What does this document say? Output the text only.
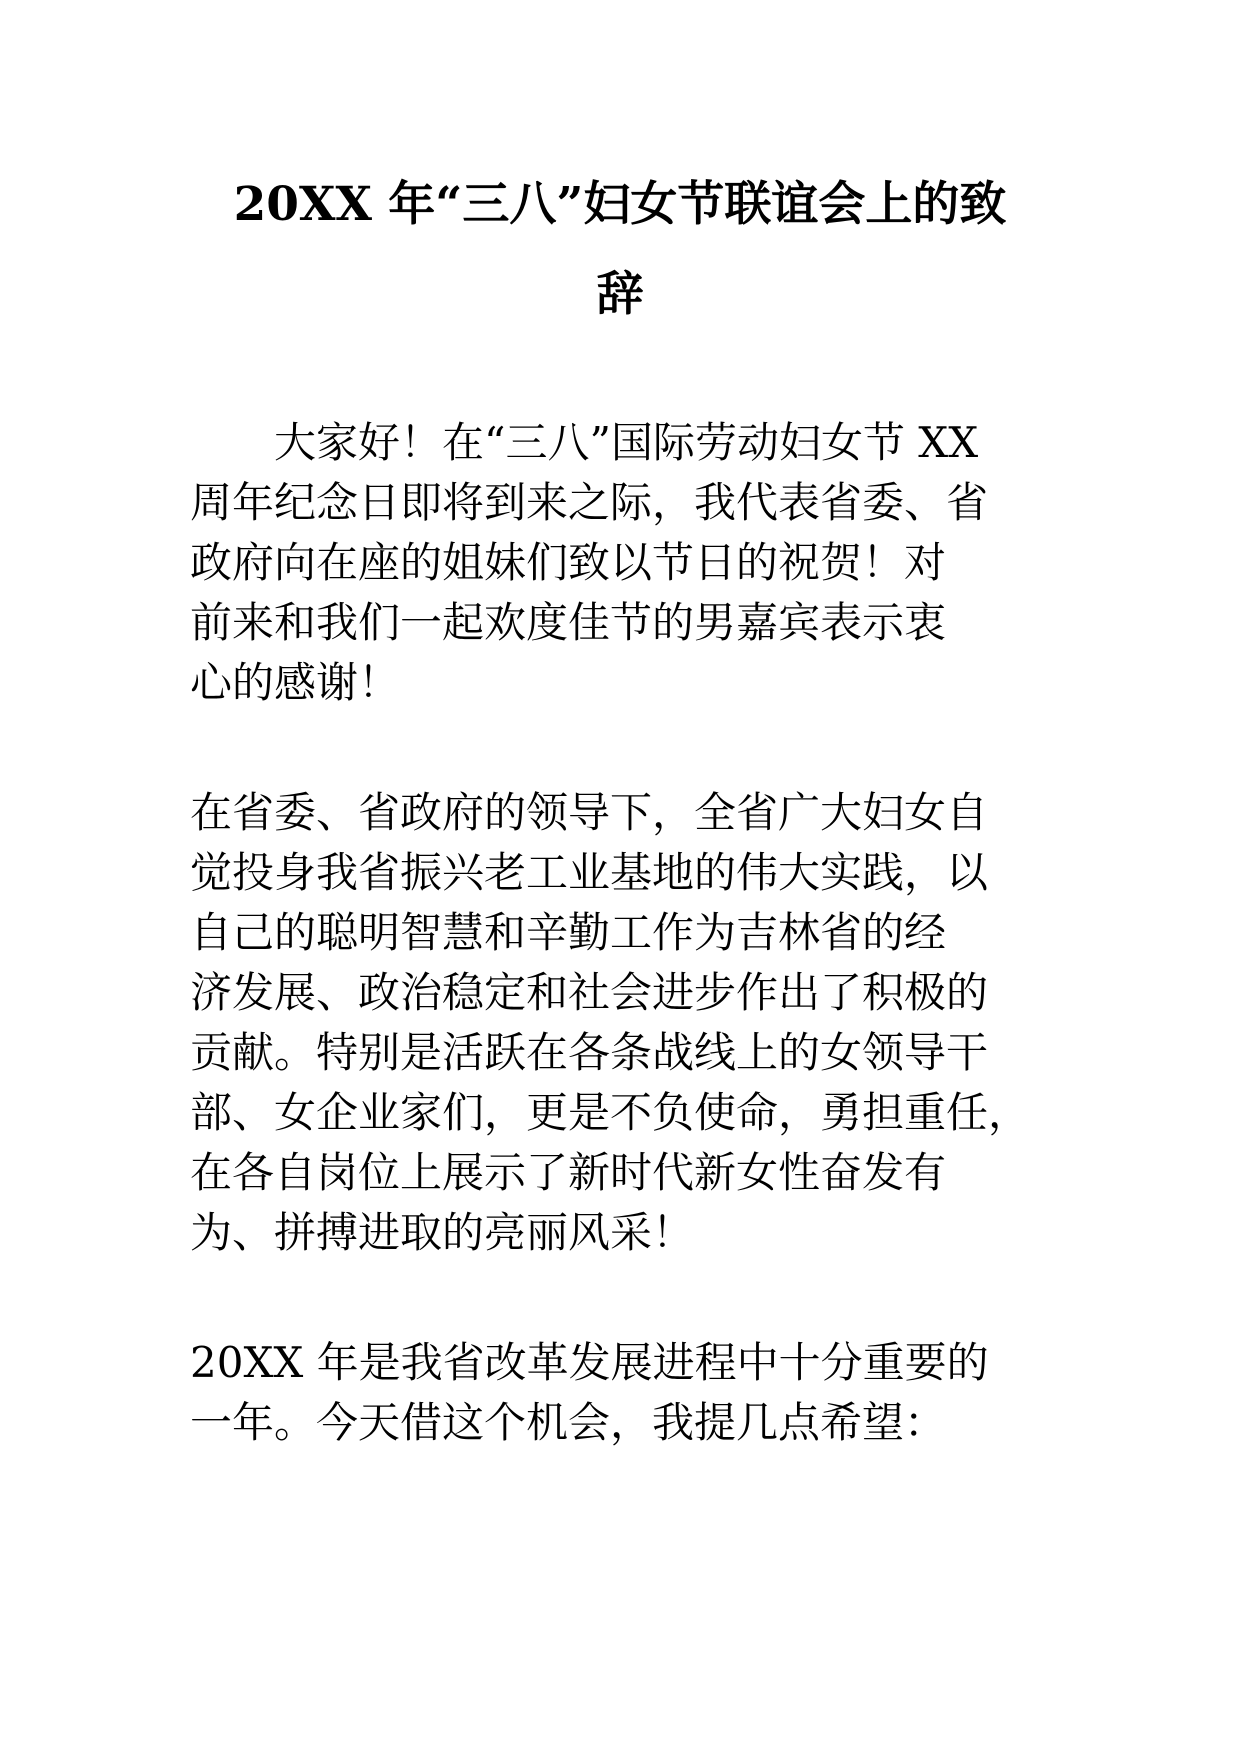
20XX 年“三八”妇女节联谊会上的致
辞
大家好！在“三八”国际劳动妇女节 XX
周年纪念日即将到来之际，我代表省委、省
政府向在座的姐妹们致以节日的祝贺！对
前来和我们一起欢度佳节的男嘉宾表示衷
心的感谢！
在省委、省政府的领导下，全省广大妇女自
觉投身我省振兴老工业基地的伟大实践，以
自己的聪明智慧和辛勤工作为吉林省的经
济发展、政治稳定和社会进步作出了积极的
贡献。特别是活跃在各条战线上的女领导干
部、女企业家们，更是不负使命，勇担重任，
在各自岗位上展示了新时代新女性奋发有
为、拼搏进取的亮丽风采！
20XX 年是我省改革发展进程中十分重要的
一年。今天借这个机会，我提几点希望：
